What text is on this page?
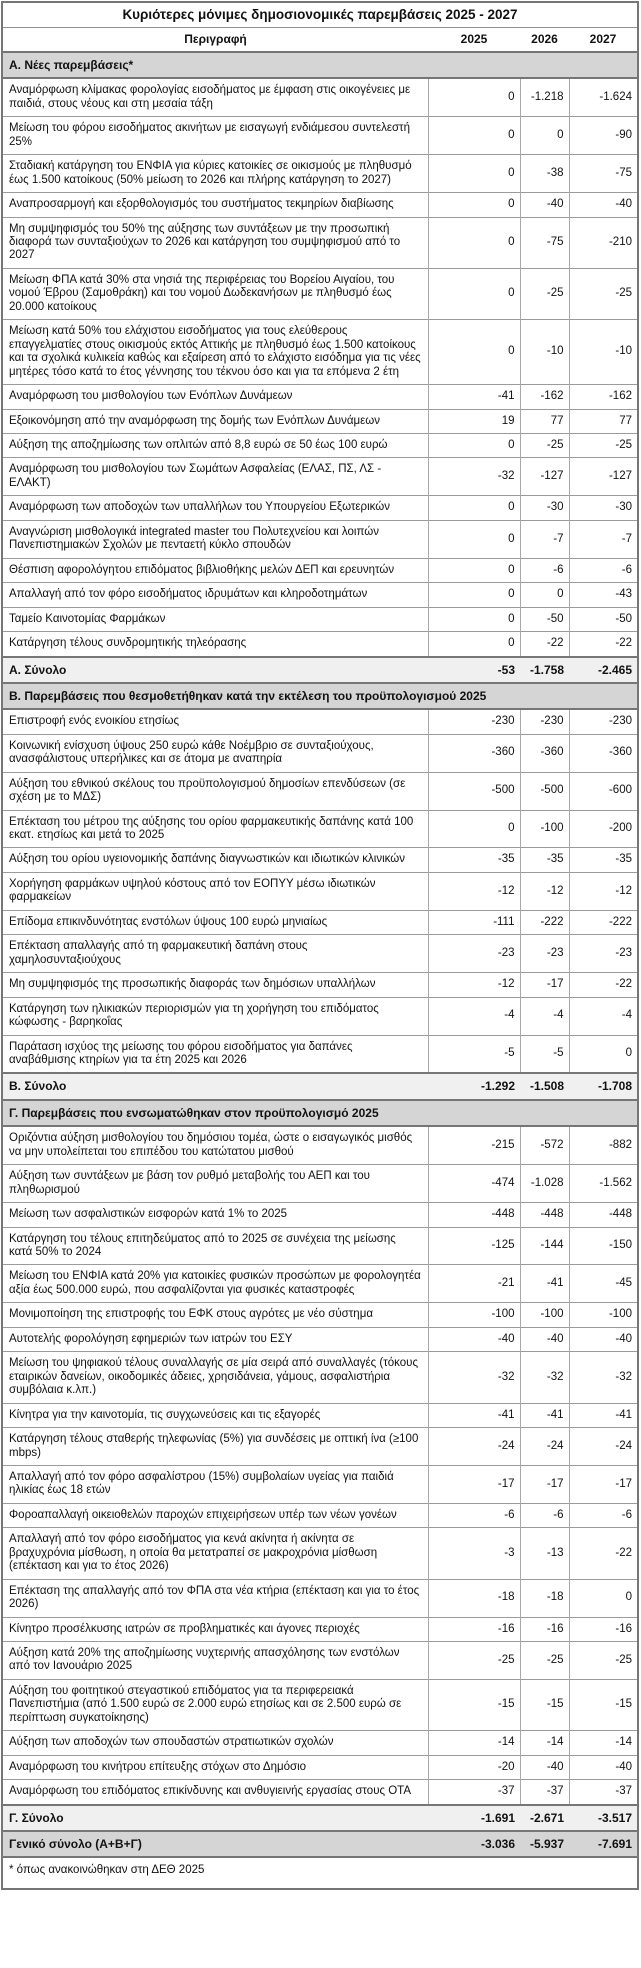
Κυριότερες μόνιμες δημοσιονομικές παρεμβάσεις 2025 - 2027			
Περιγραφή	2025	2026	2027
Α. Νέες παρεμβάσεις*			
Αναμόρφωση κλίμακας φορολογίας εισοδήματος με έμφαση στις οικογένειες με παιδιά, στους νέους και στη μεσαία τάξη	0	-1.218	-1.624
Μείωση του φόρου εισοδήματος ακινήτων με εισαγωγή ενδιάμεσου συντελεστή 25%	0	0	-90
Σταδιακή κατάργηση του ΕΝΦΙΑ για κύριες κατοικίες σε οικισμούς με πληθυσμό έως 1.500 κατοίκους (50% μείωση το 2026 και πλήρης κατάργηση το 2027)	0	-38	-75
Αναπροσαρμογή και εξορθολογισμός του συστήματος τεκμηρίων διαβίωσης	0	-40	-40
Μη συμψηφισμός του 50% της αύξησης των συντάξεων με την προσωπική διαφορά των συνταξιούχων το 2026 και κατάργηση του συμψηφισμού από το 2027	0	-75	-210
Μείωση ΦΠΑ κατά 30% στα νησιά της περιφέρειας του Βορείου Αιγαίου, του νομού Έβρου (Σαμοθράκη) και του νομού Δωδεκανήσων με πληθυσμό έως 20.000 κατοίκους	0	-25	-25
Μείωση κατά 50% του ελάχιστου εισοδήματος για τους ελεύθερους επαγγελματίες στους οικισμούς εκτός Αττικής με πληθυσμό έως 1.500 κατοίκους και τα σχολικά κυλικεία καθώς και εξαίρεση από το ελάχιστο εισόδημα για τις νέες μητέρες τόσο κατά το έτος γέννησης του τέκνου όσο και για τα επόμενα 2 έτη	0	-10	-10
Αναμόρφωση του μισθολογίου των Ενόπλων Δυνάμεων	-41	-162	-162
Εξοικονόμηση από την αναμόρφωση της δομής των Ενόπλων Δυνάμεων	19	77	77
Αύξηση της αποζημίωσης των οπλιτών από 8,8 ευρώ σε 50 έως 100 ευρώ	0	-25	-25
Αναμόρφωση του μισθολογίου των Σωμάτων Ασφαλείας (ΕΛΑΣ, ΠΣ, ΛΣ - ΕΛΑΚΤ)	-32	-127	-127
Αναμόρφωση των αποδοχών των υπαλλήλων του Υπουργείου Εξωτερικών	0	-30	-30
Αναγνώριση μισθολογικά integrated master του Πολυτεχνείου και λοιπών Πανεπιστημιακών Σχολών με πενταετή κύκλο σπουδών	0	-7	-7
Θέσπιση αφορολόγητου επιδόματος βιβλιοθήκης μελών ΔΕΠ και ερευνητών	0	-6	-6
Απαλλαγή από τον φόρο εισοδήματος ιδρυμάτων και κληροδοτημάτων	0	0	-43
Ταμείο Καινοτομίας Φαρμάκων	0	-50	-50
Κατάργηση τέλους συνδρομητικής τηλεόρασης	0	-22	-22
Α. Σύνολο	-53	-1.758	-2.465
Β. Παρεμβάσεις που θεσμοθετήθηκαν κατά την εκτέλεση του προϋπολογισμού 2025			
Επιστροφή ενός ενοικίου ετησίως	-230	-230	-230
Κοινωνική ενίσχυση ύψους 250 ευρώ κάθε Νοέμβριο σε συνταξιούχους, ανασφάλιστους υπερήλικες και σε άτομα με αναπηρία	-360	-360	-360
Αύξηση του εθνικού σκέλους του προϋπολογισμού δημοσίων επενδύσεων (σε σχέση με το ΜΔΣ)	-500	-500	-600
Επέκταση του μέτρου της αύξησης του ορίου φαρμακευτικής δαπάνης κατά 100 εκατ. ετησίως και μετά το 2025	0	-100	-200
Αύξηση του ορίου υγειονομικής δαπάνης διαγνωστικών και ιδιωτικών κλινικών	-35	-35	-35
Χορήγηση φαρμάκων υψηλού κόστους από τον ΕΟΠΥΥ μέσω ιδιωτικών φαρμακείων	-12	-12	-12
Επίδομα επικινδυνότητας ενστόλων ύψους 100 ευρώ μηνιαίως	-111	-222	-222
Επέκταση απαλλαγής από τη φαρμακευτική δαπάνη στους χαμηλοσυνταξιούχους	-23	-23	-23
Μη συμψηφισμός της προσωπικής διαφοράς των δημόσιων υπαλλήλων	-12	-17	-22
Κατάργηση των ηλικιακών περιορισμών για τη χορήγηση του επιδόματος κώφωσης - βαρηκοΐας	-4	-4	-4
Παράταση ισχύος της μείωσης του φόρου εισοδήματος για δαπάνες αναβάθμισης κτηρίων για τα έτη 2025 και 2026	-5	-5	0
Β. Σύνολο	-1.292	-1.508	-1.708
Γ. Παρεμβάσεις που ενσωματώθηκαν στον προϋπολογισμό 2025			
Οριζόντια αύξηση μισθολογίου του δημόσιου τομέα, ώστε ο εισαγωγικός μισθός να μην υπολείπεται του επιπέδου του κατώτατου μισθού	-215	-572	-882
Αύξηση των συντάξεων με βάση τον ρυθμό μεταβολής του ΑΕΠ και του πληθωρισμού	-474	-1.028	-1.562
Μείωση των ασφαλιστικών εισφορών κατά 1% το 2025	-448	-448	-448
Κατάργηση του τέλους επιτηδεύματος από το 2025 σε συνέχεια της μείωσης κατά 50% το 2024	-125	-144	-150
Μείωση του ΕΝΦΙΑ κατά 20% για κατοικίες φυσικών προσώπων με φορολογητέα αξία έως 500.000 ευρώ, που ασφαλίζονται για φυσικές καταστροφές	-21	-41	-45
Μονιμοποίηση της επιστροφής του ΕΦΚ στους αγρότες με νέο σύστημα	-100	-100	-100
Αυτοτελής φορολόγηση εφημεριών των ιατρών του ΕΣΥ	-40	-40	-40
Μείωση του ψηφιακού τέλους συναλλαγής σε μία σειρά από συναλλαγές (τόκους εταιρικών δανείων, οικοδομικές άδειες, χρησιδάνεια, γάμους, ασφαλιστήρια συμβόλαια κ.λπ.)	-32	-32	-32
Κίνητρα για την καινοτομία, τις συγχωνεύσεις και τις εξαγορές	-41	-41	-41
Κατάργηση τέλους σταθερής τηλεφωνίας (5%) για συνδέσεις με οπτική ίνα (≥100 mbps)	-24	-24	-24
Απαλλαγή από τον φόρο ασφαλίστρου (15%) συμβολαίων υγείας για παιδιά ηλικίας έως 18 ετών	-17	-17	-17
Φοροαπαλλαγή οικειοθελών παροχών επιχειρήσεων υπέρ των νέων γονέων	-6	-6	-6
Απαλλαγή από τον φόρο εισοδήματος για κενά ακίνητα ή ακίνητα σε βραχυχρόνια μίσθωση, η οποία θα μετατραπεί σε μακροχρόνια μίσθωση (επέκταση και για το έτος 2026)	-3	-13	-22
Επέκταση της απαλλαγής από τον ΦΠΑ στα νέα κτήρια (επέκταση και για το έτος 2026)	-18	-18	0
Κίνητρο προσέλκυσης ιατρών σε προβληματικές και άγονες περιοχές	-16	-16	-16
Αύξηση κατά 20% της αποζημίωσης νυχτερινής απασχόλησης των ενστόλων από τον Ιανουάριο 2025	-25	-25	-25
Αύξηση του φοιτητικού στεγαστικού επιδόματος για τα περιφερειακά Πανεπιστήμια (από 1.500 ευρώ σε 2.000 ευρώ ετησίως και σε 2.500 ευρώ σε περίπτωση συγκατοίκησης)	-15	-15	-15
Αύξηση των αποδοχών των σπουδαστών στρατιωτικών σχολών	-14	-14	-14
Αναμόρφωση του κινήτρου επίτευξης στόχων στο Δημόσιο	-20	-40	-40
Αναμόρφωση του επιδόματος επικίνδυνης και ανθυγιεινής εργασίας στους ΟΤΑ	-37	-37	-37
Γ. Σύνολο	-1.691	-2.671	-3.517
Γενικό σύνολο (Α+Β+Γ)	-3.036	-5.937	-7.691
* όπως ανακοινώθηκαν στη ΔΕΘ 2025			
